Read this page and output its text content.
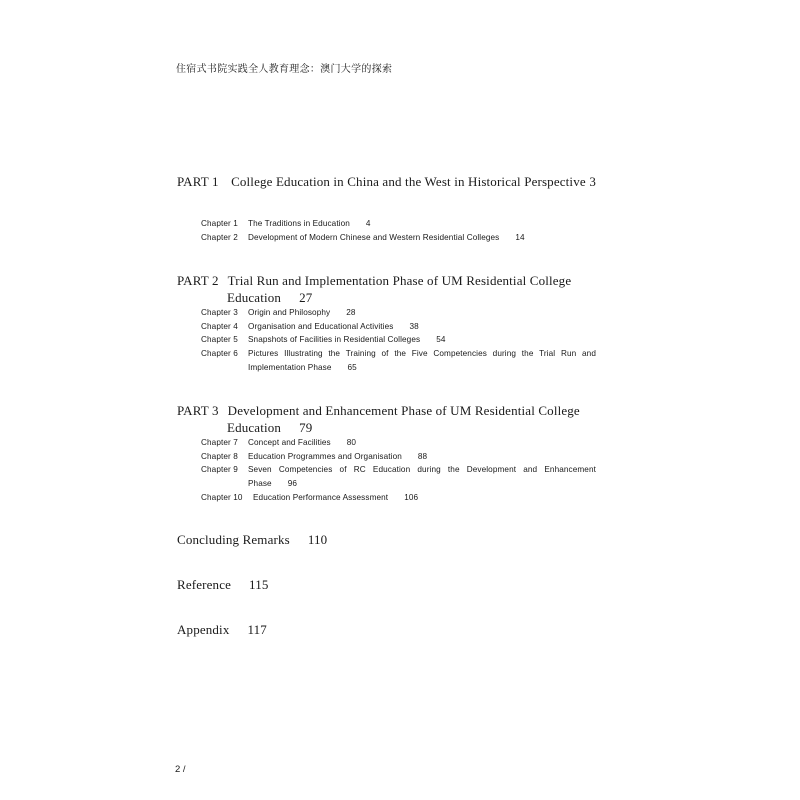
住宿式书院实践全人教育理念：澳门大学的探索
PART 1 College Education in China and the West in Historical Perspective 3
Chapter 1	The Traditions in Education 4
Chapter 2	Development of Modern Chinese and Western Residential Colleges 14
PART 2 Trial Run and Implementation Phase of UM Residential College
Education 27
Chapter 3	Origin and Philosophy 28
Chapter 4	Organisation and Educational Activities 38
Chapter 5	Snapshots of Facilities in Residential Colleges 54
Chapter 6	Pictures Illustrating the Training of the Five Competencies during the Trial Run and Implementation Phase 65
PART 3 Development and Enhancement Phase of UM Residential College
Education 79
Chapter 7	Concept and Facilities 80
Chapter 8	Education Programmes and Organisation 88
Chapter 9	Seven Competencies of RC Education during the Development and Enhancement Phase 96
Chapter 10	Education Performance Assessment 106
Concluding Remarks 110
Reference 115
Appendix 117
2 /
